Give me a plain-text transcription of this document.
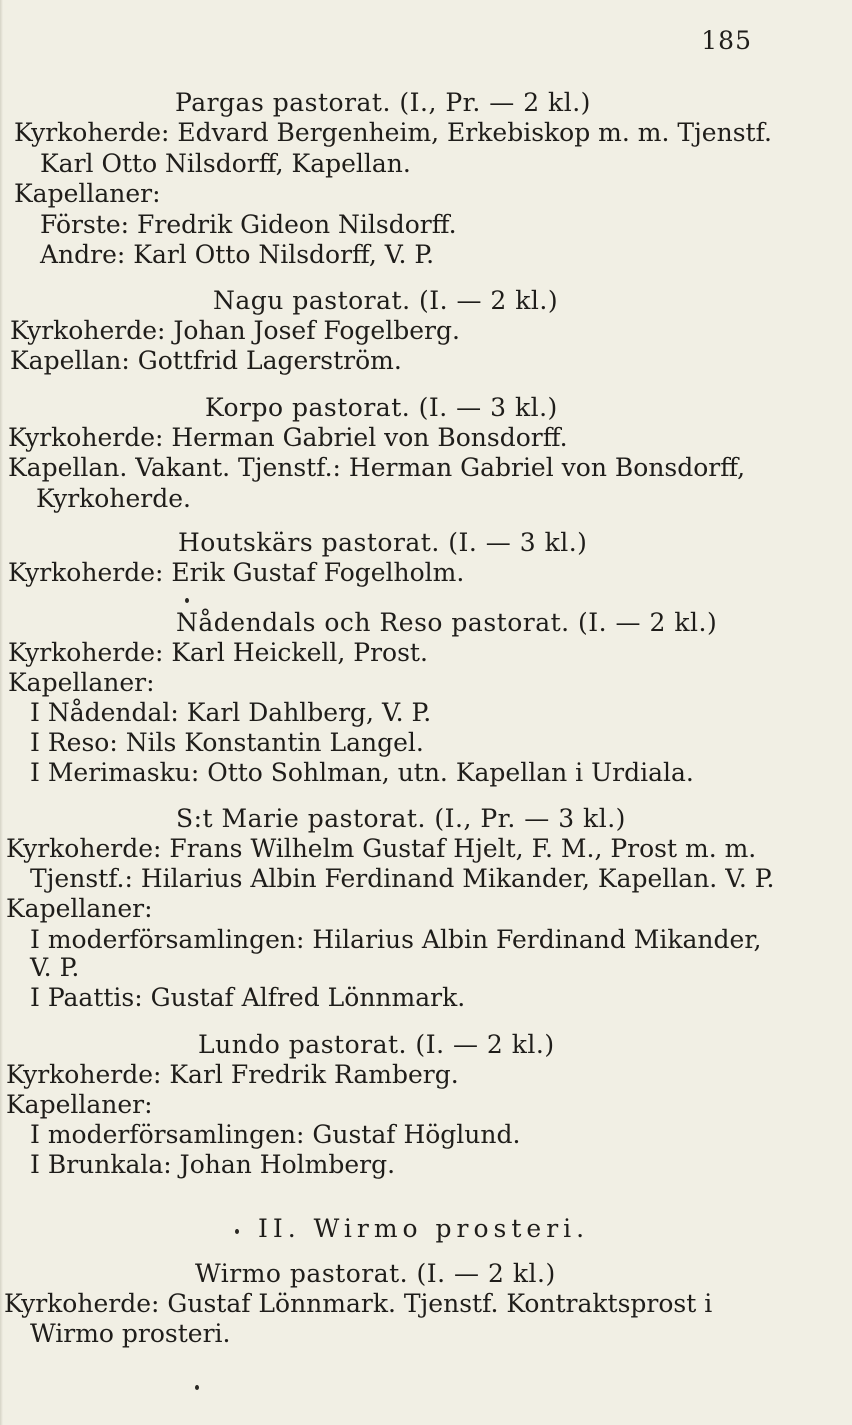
185
Pargas pastorat. (I., Pr. — 2 kl.)
Kyrkoherde: Edvard Bergenheim, Erkebiskop m. m. Tjenstf.
Karl Otto Nilsdorff, Kapellan.
Kapellaner:
Förste: Fredrik Gideon Nilsdorff.
Andre: Karl Otto Nilsdorff, V. P.
Nagu pastorat. (I. — 2 kl.)
Kyrkoherde: Johan Josef Fogelberg.
Kapellan: Gottfrid Lagerström.
Korpo pastorat. (I. — 3 kl.)
Kyrkoherde: Herman Gabriel von Bonsdorff.
Kapellan. Vakant. Tjenstf.: Herman Gabriel von Bonsdorff,
Kyrkoherde.
Houtskärs pastorat. (I. — 3 kl.)
Kyrkoherde: Erik Gustaf Fogelholm.
Nådendals och Reso pastorat. (I. — 2 kl.)
Kyrkoherde: Karl Heickell, Prost.
Kapellaner:
I Nådendal: Karl Dahlberg, V. P.
I Reso: Nils Konstantin Langel.
I Merimasku: Otto Sohlman, utn. Kapellan i Urdiala.
S:t Marie pastorat. (I., Pr. — 3 kl.)
Kyrkoherde: Frans Wilhelm Gustaf Hjelt, F. M., Prost m. m.
Tjenstf.: Hilarius Albin Ferdinand Mikander, Kapellan. V. P.
Kapellaner:
I moderförsamlingen: Hilarius Albin Ferdinand Mikander,
V. P.
I Paattis: Gustaf Alfred Lönnmark.
Lundo pastorat. (I. — 2 kl.)
Kyrkoherde: Karl Fredrik Ramberg.
Kapellaner:
I moderförsamlingen: Gustaf Höglund.
I Brunkala: Johan Holmberg.
II. Wirmo prosteri.
Wirmo pastorat. (I. — 2 kl.)
Kyrkoherde: Gustaf Lönnmark. Tjenstf. Kontraktsprost i
Wirmo prosteri.
